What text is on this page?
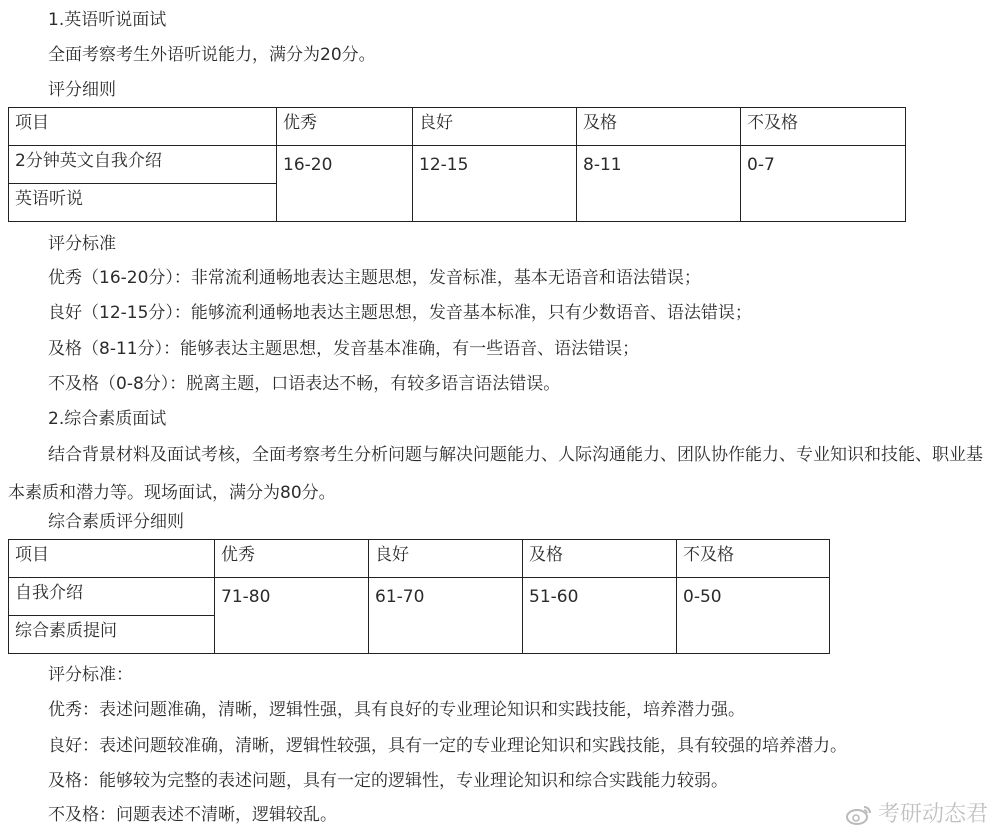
1.英语听说面试
全面考察考生外语听说能力，满分为20分。
评分细则
项目	优秀	良好	及格	不及格
2分钟英文自我介绍	16-20	12-15	8-11	0-7
英语听说				
评分标准
优秀（16-20分）：非常流利通畅地表达主题思想，发音标准，基本无语音和语法错误；
良好（12-15分）：能够流利通畅地表达主题思想，发音基本标准，只有少数语音、语法错误；
及格（8-11分）：能够表达主题思想，发音基本准确，有一些语音、语法错误；
不及格（0-8分）：脱离主题，口语表达不畅，有较多语言语法错误。
2.综合素质面试
结合背景材料及面试考核，全面考察考生分析问题与解决问题能力、人际沟通能力、团队协作能力、专业知识和技能、职业基本素质和潜力等。现场面试，满分为80分。
综合素质评分细则
项目	优秀	良好	及格	不及格
自我介绍	71-80	61-70	51-60	0-50
综合素质提问				
评分标准：
优秀：表述问题准确，清晰，逻辑性强，具有良好的专业理论知识和实践技能，培养潜力强。
良好：表述问题较准确，清晰，逻辑性较强，具有一定的专业理论知识和实践技能，具有较强的培养潜力。
及格：能够较为完整的表述问题，具有一定的逻辑性，专业理论知识和综合实践能力较弱。
不及格：问题表述不清晰，逻辑较乱。	考研动态君
